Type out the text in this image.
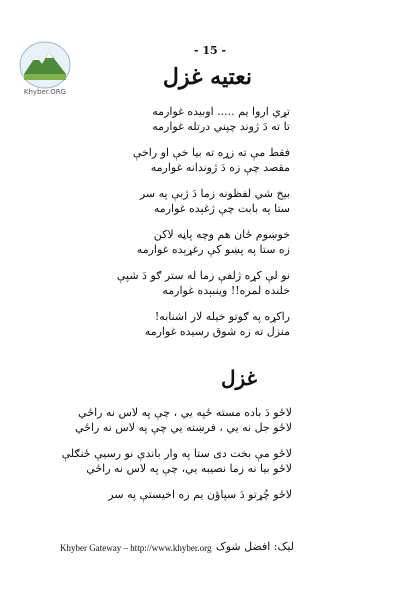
Khyber.ORG
- 15 -
نعتیه غزل
تړي اروا يم ..... اوبيده غوارمه
تا ته دَ ژوند چپني درتله غوارمه
فقط مې ته زړه ته بيا خې او راخې
مقصد چې زه دَ ژوندانه غوارمه
بيخ شي لفظونه زما دَ ژبې په سر
ستا په بابت چې ژغېده غوارمه
خوښوم ځان هم وچه پاڼه لاکن
زه ستا په پښو کې رغړېده غوارمه
نو لې کړه ژلفې زما له ستر ګو دَ شپې
خلنده لمره!! وينبېده غوارمه
راکړه په ګوتو خيله لار اشنابه!
منزل ته زه شوق رسيده غوارمه
غزل
لاځو دَ باده مسته ځپه يي ، چې په لاس نه راځي
لاځو جل نه يي ، فرښته يي چې په لاس نه راځي
لاځو مې بخت دی ستا په وار باندې نو رسيې ځنګلې
لاځو بيا نه زما نصيبه يي، چې په لاس نه راځي
لاځو چُړتو دَ سپاؤن يم زه اخيستې په سر
Khyber Gateway – http://www.khyber.org ليک: افضل شوک
